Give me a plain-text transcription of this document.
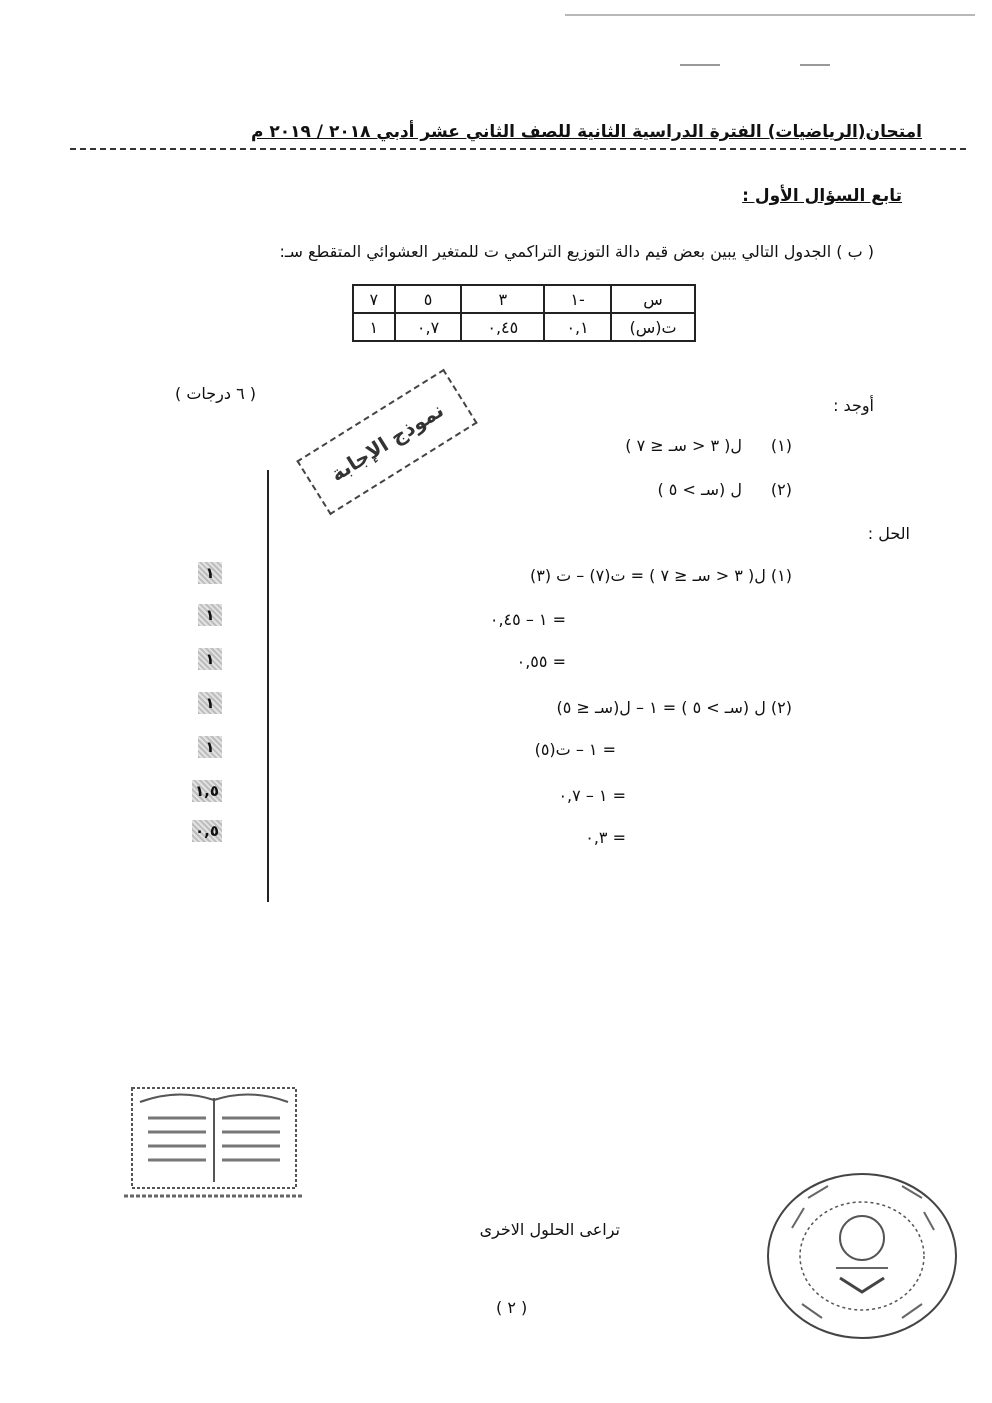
امتحان(الرياضيات) الفترة الدراسية الثانية للصف الثاني عشر أدبي ٢٠١٨ / ٢٠١٩ م
تابع السؤال الأول :
( ب ) الجدول التالي يبين بعض قيم دالة التوزيع التراكمي ت للمتغير العشوائي المتقطع سـ:
س	-١	٣	٥	٧
ت(س)	٠,١	٠,٤٥	٠,٧	١
أوجد :
( ٦ درجات )
(١)
ل( ٣ < سـ ≤ ٧ )
(٢)
ل (سـ > ٥ )
نموذج الإجابة
الحل :
(١) ل( ٣ < سـ ≤ ٧ ) = ت(٧) – ت (٣)
= ١ – ٠,٤٥
= ٠,٥٥
(٢) ل (سـ > ٥ ) = ١ – ل(سـ ≤ ٥)
= ١ – ت(٥)
= ١ – ٠,٧
= ٠,٣
١
١
١
١
١
١,٥
٠,٥
تراعى الحلول الاخرى
( ٢ )
